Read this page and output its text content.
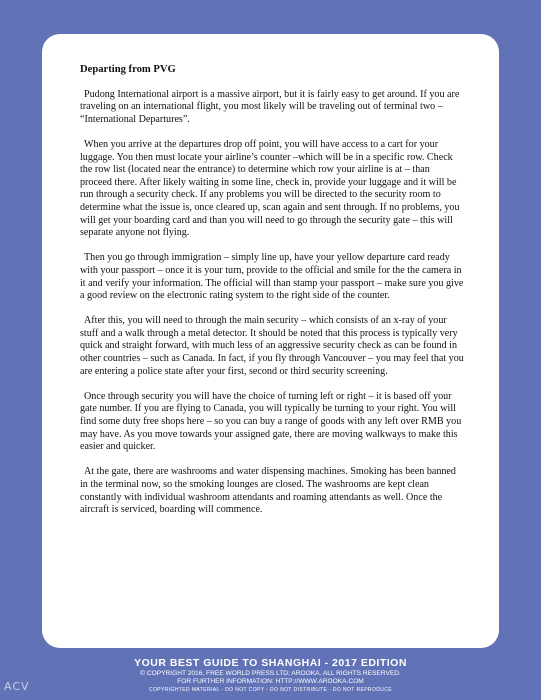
Departing from PVG

Pudong International airport is a massive airport, but it is fairly easy to get around. If you are traveling on an international flight, you most likely will be traveling out of terminal two – “International Departures”.

When you arrive at the departures drop off point, you will have access to a cart for your luggage. You then must locate your airline’s counter –which will be in a specific row. Check the row list (located near the entrance) to determine which row your airline is at – than proceed there. After likely waiting in some line, check in, provide your luggage and it will be run through a security check. If any problems you will be directed to the security room to determine what the issue is, once cleared up, scan again and sent through. If no problems, you will get your boarding card and than you will need to go through the security gate – this will separate anyone not flying.

Then you go through immigration – simply line up, have your yellow departure card ready with your passport – once it is your turn, provide to the official and smile for the the camera in it and verify your information. The official will than stamp your passport – make sure you give a good review on the electronic rating system to the right side of the counter.

After this, you will need to through the main security – which consists of an x-ray of your stuff and a walk through a metal detector. It should be noted that this process is typically very quick and straight forward, with much less of an aggressive security check as can be found in other countries – such as Canada. In fact, if you fly through Vancouver – you may feel that you are entering a police state after your first, second or third security screening.

Once through security you will have the choice of turning left or right – it is based off your gate number. If you are flying to Canada, you will typically be turning to your right. You will find some duty free shops here – so you can buy a range of goods with any left over RMB you may have. As you move towards your assigned gate, there are moving walkways to make this easier and quicker.

At the gate, there are washrooms and water dispensing machines. Smoking has been banned in the terminal now, so the smoking lounges are closed. The washrooms are kept clean constantly with individual washroom attendants and roaming attendants as well. Once the aircraft is serviced, boarding will commence.

YOUR BEST GUIDE TO SHANGHAI - 2017 EDITION
© COPYRIGHT 2016, FREE WORLD PRESS LTD; AROOKA. ALL RIGHTS RESERVED.
FOR FURTHER INFORMATION: HTTP://WWW.AROOKA.COM
COPYRIGHTED MATERIAL - DO NOT COPY - DO NOT DISTRIBUTE - DO NOT REPRODUCE
ACV
